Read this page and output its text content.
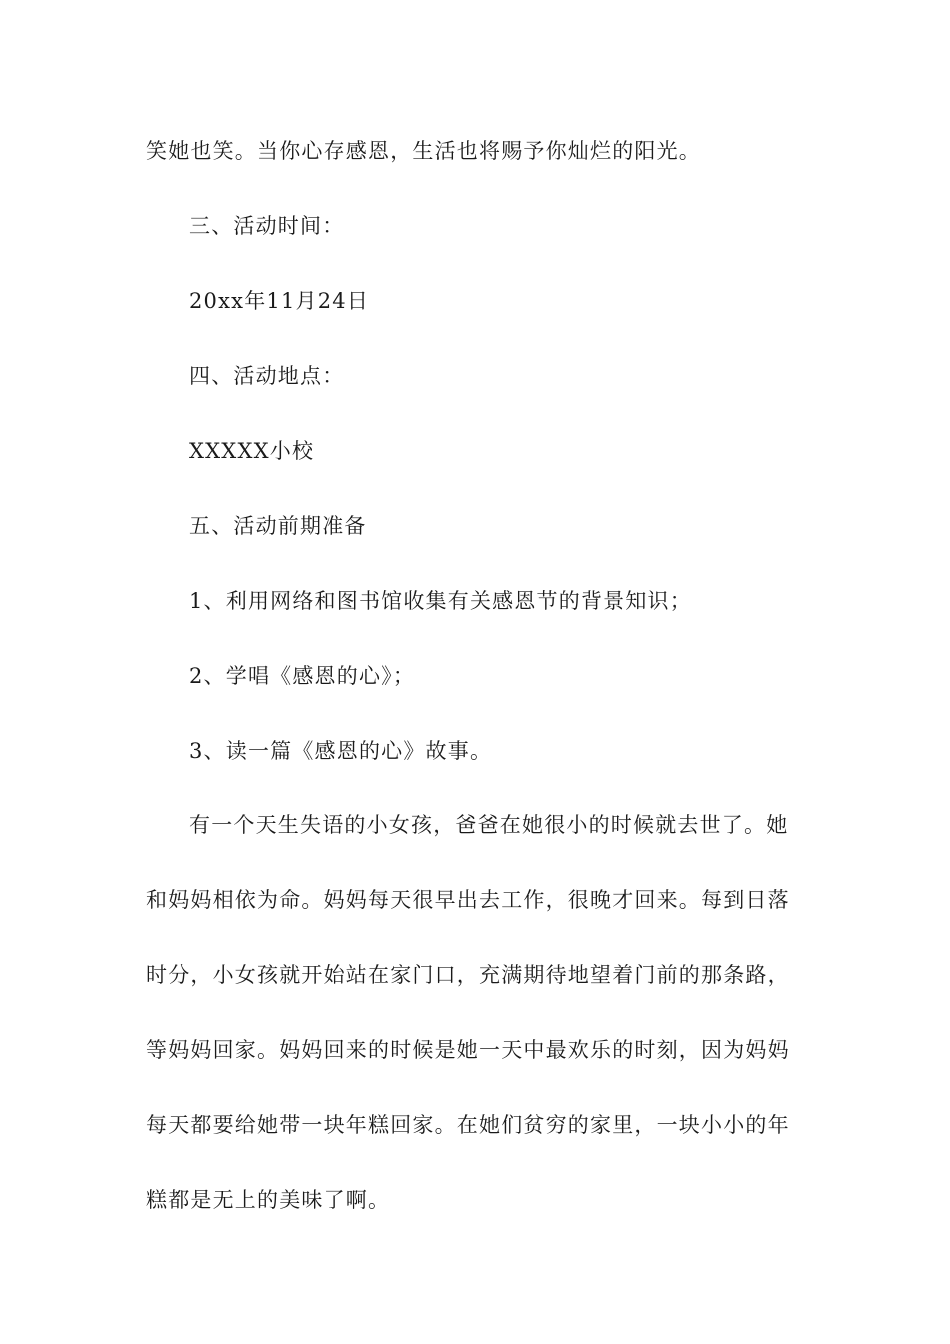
笑她也笑。当你心存感恩，生活也将赐予你灿烂的阳光。
三、活动时间：
20xx年11月24日
四、活动地点：
XXXXX小校
五、活动前期准备
1、利用网络和图书馆收集有关感恩节的背景知识；
2、学唱《感恩的心》；
3、读一篇《感恩的心》故事。
有一个天生失语的小女孩，爸爸在她很小的时候就去世了。她
和妈妈相依为命。妈妈每天很早出去工作，很晚才回来。每到日落
时分，小女孩就开始站在家门口，充满期待地望着门前的那条路，
等妈妈回家。妈妈回来的时候是她一天中最欢乐的时刻，因为妈妈
每天都要给她带一块年糕回家。在她们贫穷的家里，一块小小的年
糕都是无上的美味了啊。
